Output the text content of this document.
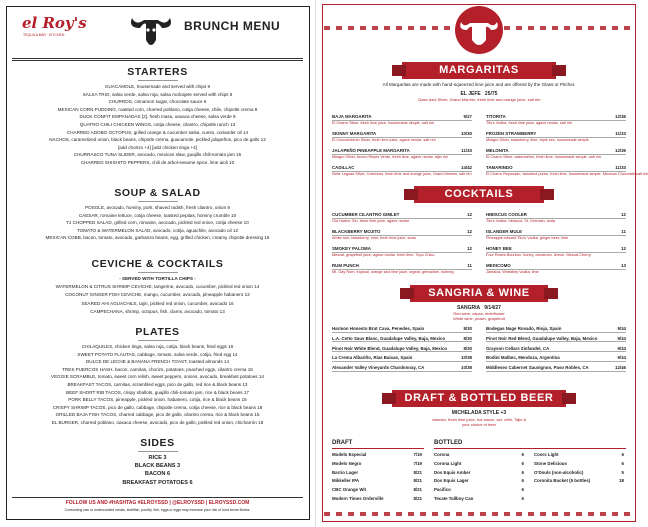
el Roy's
TEQUILA BAR · KITCHEN
BRUNCH MENU
STARTERS
GUACAMOLE, housemade and served with chips 9
SALSA TRIO, salsa verde, salsa roja, salsa molcajete served with chips 6
CHURROS, cinnamon sugar, chocolate sauce 6
MEXICAN CORN PUDDING, roasted corn, charred poblano, cotija cheese, chile, chipotle crema 8
DUCK CONFIT EMPANADAS [2], fresh masa, oaxaca cheese, salsa verde 9
QUATRO CHILI CHICKEN WINGS, cotija cheese, cilantro, chipotle ranch 13
CHARRED ADOBO OCTOPUS, grilled orange & cucumber salsa, cumin, coriander oil 14
NACHOS, caramelized onion, black beans, chipotle crema, guacamole, pickled jalapeños, pico de gallo 12
[add chorizo +4] [add chicken tinga +4]
CHURRASCO TUNA SLIDER, avocado, mexican slaw, guajillo chili-tomato jam 15
CHARRED SHISHITO PEPPERS, chili de arbol-sesame spice, lime aioli 10
SOUP & SALAD
POSOLE, avocado, hominy, pork, shaved radish, fresh cilantro, onion 9
CAESAR, romaine lettuce, cotija cheese, toasted pepitas, hominy crumble 10
TJ CHOPPED SALAD, grilled corn, romaine, avocado, pickled red onion, cotija cheese 10
TOMATO & WATERMELON SALAD, avocado, cotija, aguachile, avocado oil 12
MEXICAN COBB, bacon, tomato, avocado, garbanzo beans, egg, grilled chicken, creamy chipotle dressing 16
CEVICHE & COCKTAILS
- SERVED WITH TORTILLA CHIPS -
WATERMELON & CITRUS SHRIMP CEVICHE, tangerine, avocado, cucumber, pickled red onion 14
COCONUT GINGER FISH CEVICHE, mango, cucumber, avocado, pineapple habanero 12
SEARED AHI AGUACHILE, tajin, pickled red onion, cucumber, avocado 16
CAMPECHANA, shrimp, octopus, fish, clams, avocado, tomato 13
PLATES
CHILAQUILES, chicken tinga, salsa roja, cotija, black beans, fried eggs 16
SWEET POTATO FLAUTAS, cabbage, tomato, salsa verde, cotija, fried egg 14
DULCE DE LECHE & BANANA FRENCH TOAST, toasted almonds 14
TRES PUERCOS HASH, bacon, carnitas, chorizo, potatoes, poached eggs, cilantro crema 16
VEGGIE SCRAMBLE, tomato, sweet corn relish, sweet peppers, onions, avocado, breakfast potatoes 14
BREAKFAST TACOS, carnitas, scrambled eggs, pico de gallo, red rice & black beans 13
BEEF SHORT RIB TACOS, crispy shallots, guajillo chili-tomato jam, rice & black beans 17
PORK BELLY TACOS, pineapple, pickled onion, habanero, cotija, rice & black beans 15
CRISPY SHRIMP TACOS, pico de gallo, cabbage, chipotle crema, cotija cheese, rice & black beans 18
GRILLED BAJA FISH TACOS, charred cabbage, pico de gallo, cilantro crema, rice & black beans 15
EL BURGER, charred poblano, oaxaca cheese, avocado, pico de gallo, pickled red onion, chicharrón 18
SIDES
RICE 3
BLACK BEANS 3
BACON 6
BREAKFAST POTATOES 6
FOLLOW US AND #HASHTAG #ELROYSSD | @ELROYSSD | ELROYSSD.COM
Consuming raw or undercooked meats, shellfish, poultry, fish, eggs or eggs may increase your risk of food borne illness.
MARGARITAS
All Margaritas are made with hand-squeezed lime juice and are offered by the Glass or Pitcher.
EL JEFE 25/75
Clase Azul Silver, Grand Marnier, fresh lime and orange juice, salt rim
BAJA MARGARITA	9/27
El Charro Silver, fresh lime juice, housemade simple, salt rim
SKINNY MARGARITA	10/30
El Conocimiento Silver, fresh lime juice, agave nectar, salt rim
JALAPEÑO PINEAPPLE MARGARITA	11/33
Milagro Silver, Ancho Reyes Verde, fresh lime, agave nectar, tajin rim
CADILLAC	14/42
Siete Leguas Silver, Cointreau, fresh lime and orange juice, Grand Marnier, salt rim
TITORITA	12/36
Tito's Vodka, fresh lime juice, agave nectar, salt rim
FROZEN STRAWBERRY	11/33
Milagro Silver, strawberry, lime, triple sec, housemade simple
MELONITA	12/36
El Charro Silver, watermelon, fresh lime, housemade simple, salt rim
TAMARINDO	11/33
El Charro Reposado, tamarind puree, fresh lime, housemade simple, Mexican Chocolate salt rim
COCKTAILS
CUCUMBER CILANTRO GIMLET	12
Old Harbor Gin, fresh lime juice, agave nectar
BLACKBERRY MOJITO	12
White rum, blackberry, mint, fresh lime juice, soda
SMOKEY PALOMA	12
Mezcal, grapefruit juice, agave nectar, fresh lime, Topo Chico
RUM PUNCH	11
Mt. Gay Rum, tropical, orange and lime juice, orgeat, grenadine, nutmeg
HIBISCUS COOLER	12
Tito's Vodka, hibiscus, St. Germain, soda
ISLANDER MULE	11
Pineapple-infused Tito's Vodka, ginger beer, lime
HONEY BEE	12
Four Roses Bourbon, honey, cinnamon, lemon, Mezcal Cherry
MEDICOMO	13
Jamaica, Wheatley Vodka, lime
SANGRIA & WINE
SANGRIA 9/14/27
Red wine, cacao, elderflower
White wine, peach, grapefruit
Harmon Honesto Brut Cava, Penedes, Spain	8/30
L.A. Cetto Sauv Blanc, Guadalupe Valley, Baja, Mexico	8/30
Pinot Noir White Blend, Guadalupe Valley, Baja, Mexico	8/30
La Crema Albariño, Rías Baixas, Spain	10/38
Alexander Valley Vineyards Chardonnay, CA	10/38
Bodegas Nage Rosado, Rioja, Spain	9/34
Pinot Noir Red Blend, Guadalupe Valley, Baja, Mexico	9/34
Grayson Cellars Zinfandel, CA	9/34
Bodini Malbec, Mendoza, Argentina	9/34
Middlesex Cabernet Sauvignon, Paso Robles, CA	12/46
DRAFT & BOTTLED BEER
MICHELADA STYLE +3
clamato, fresh lime juice, hot sauce, sal, chile, Tajin & your choice of beer
DRAFT	BOTTLED
Modelo Especial	7/19
Modelo Negro	7/19
Barrio Lager	8/21
Mikkeller IPA	8/21
CBC Orange Wit	8/21
Modern Times Orderville	8/21
Corona	6
Corona Light	6
Dos Equis Amber	6
Dos Equis Lager	6
Pacifico	6
Tecate Tallboy Can	6
Coors Light	6
Stone Delicious	6
O'Douls (non-alcoholic)	5
Coronita Bucket (5 bottles)	18
